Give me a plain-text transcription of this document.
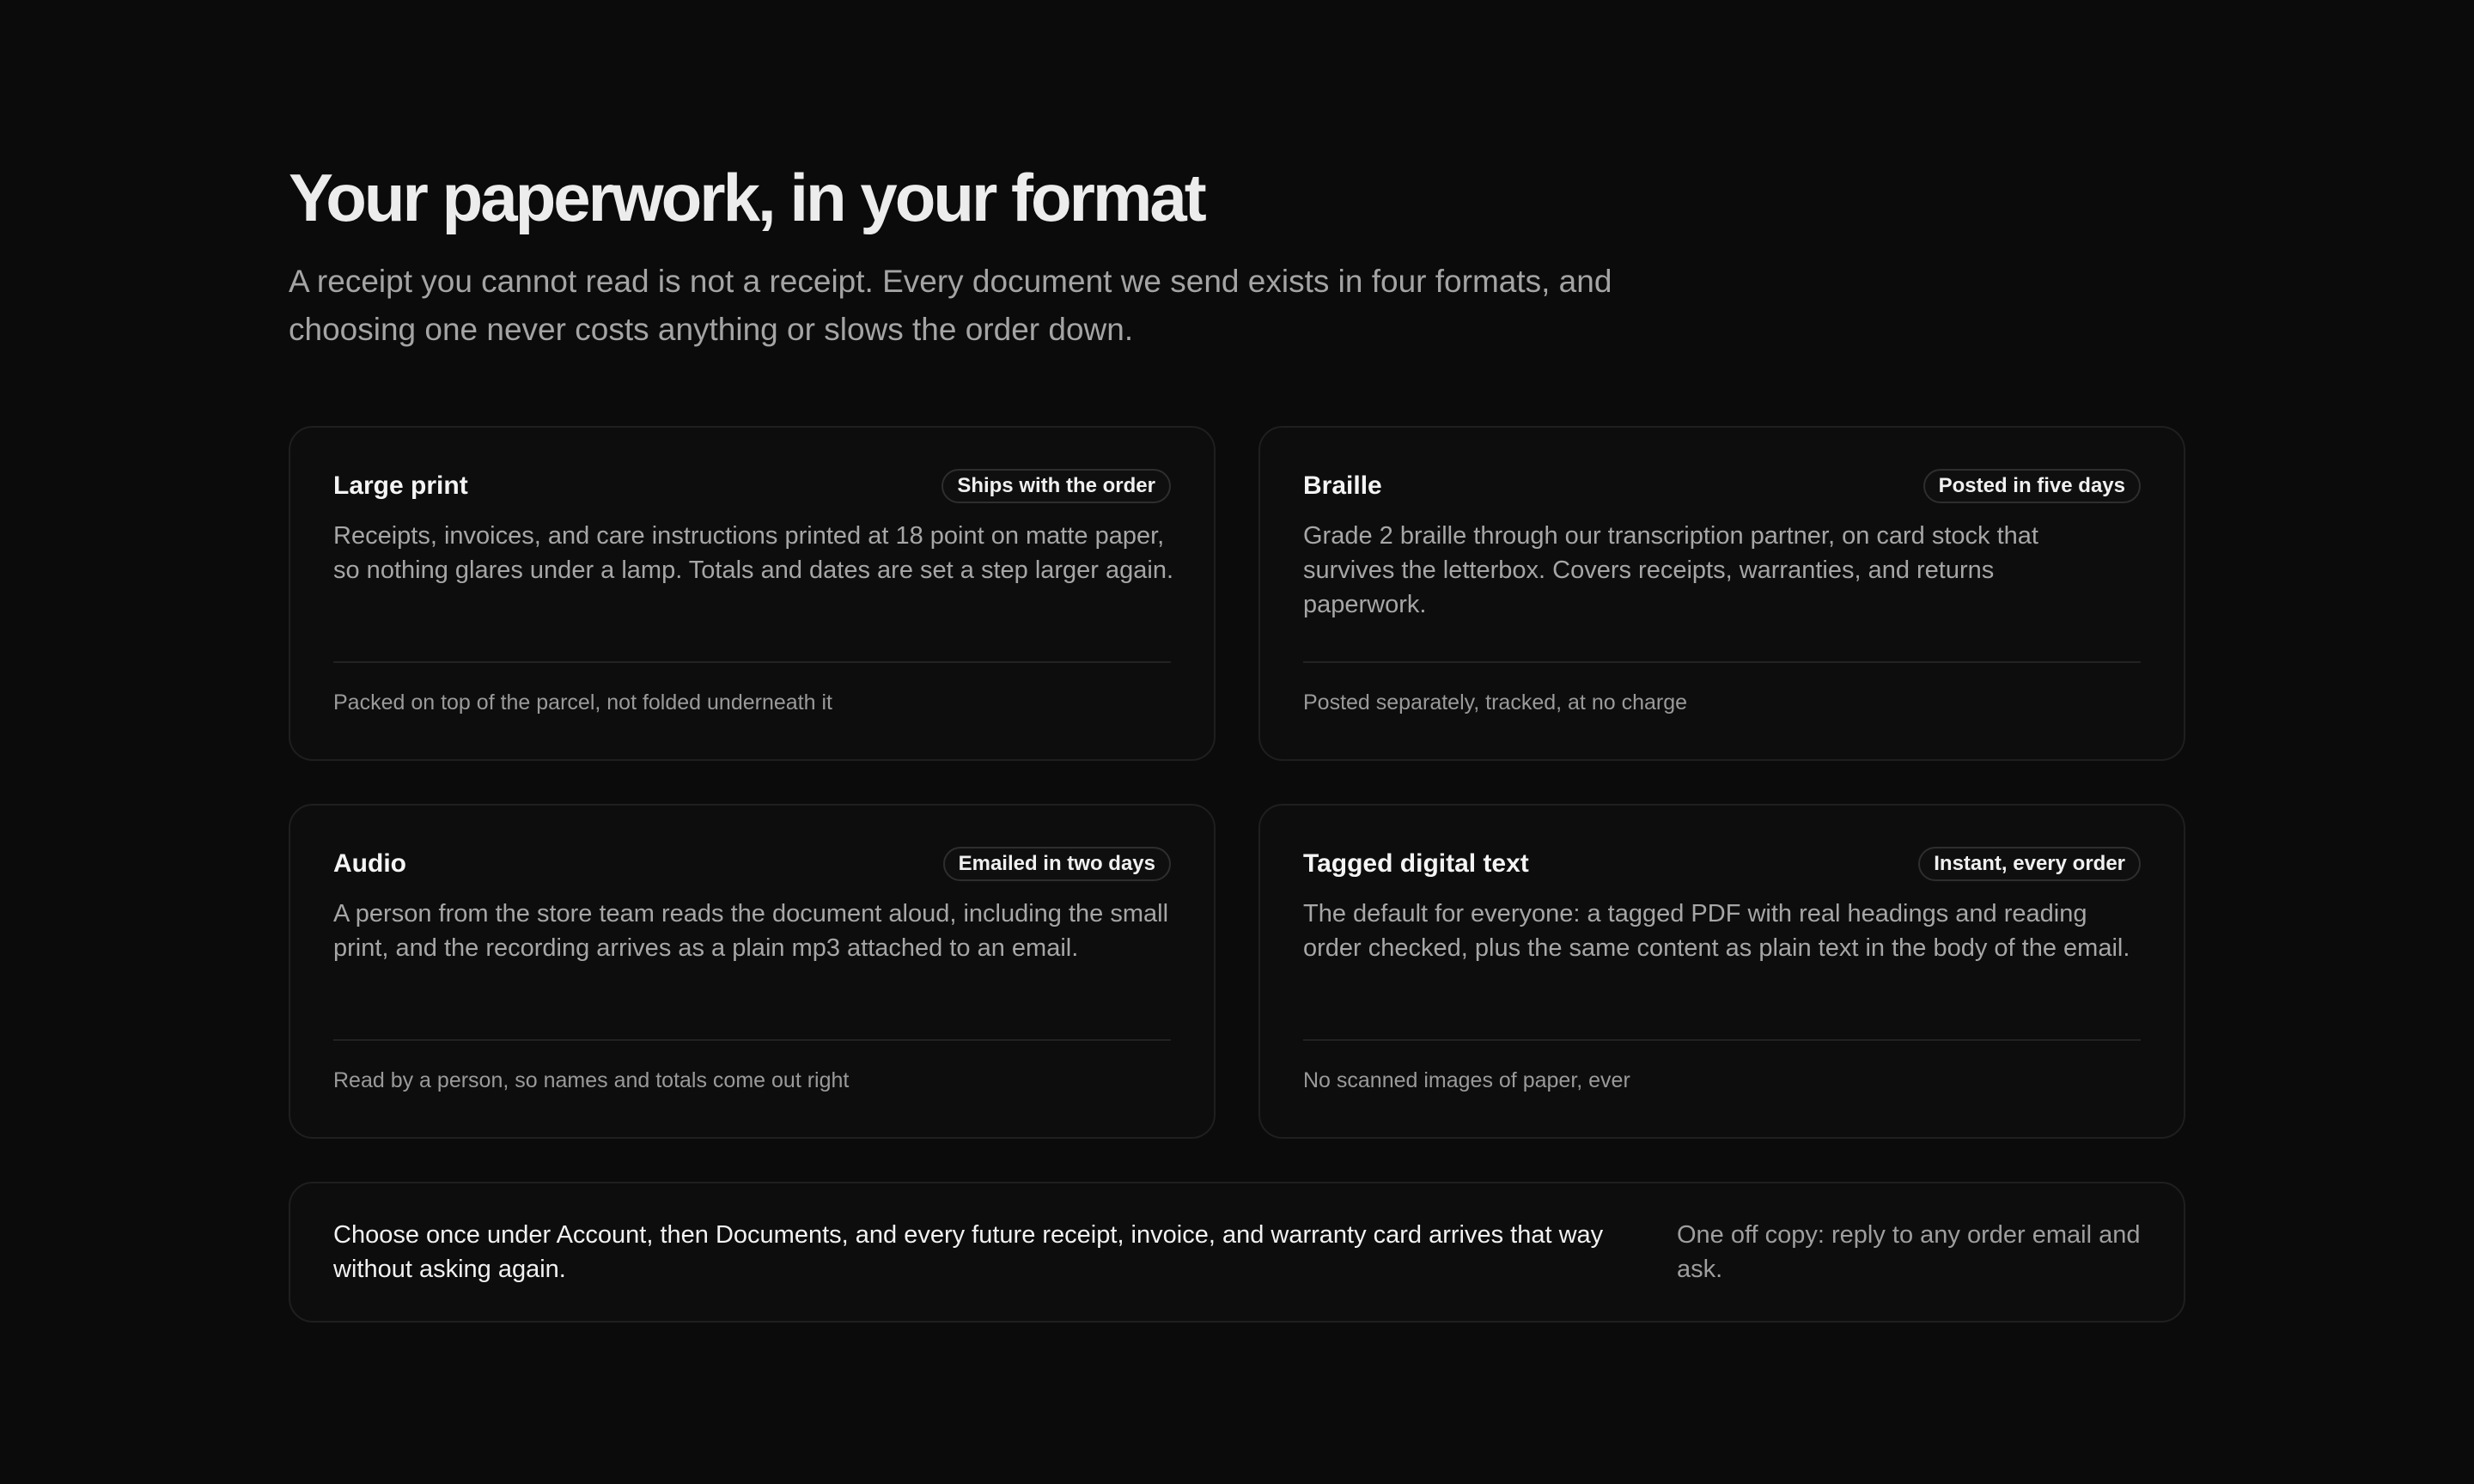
Your paperwork, in your format

A receipt you cannot read is not a receipt. Every document we send exists in four formats, and choosing one never costs anything or slows the order down.

Large print	Ships with the order
Receipts, invoices, and care instructions printed at 18 point on matte paper, so nothing glares under a lamp. Totals and dates are set a step larger again.
Packed on top of the parcel, not folded underneath it
Braille	Posted in five days
Grade 2 braille through our transcription partner, on card stock that survives the letterbox. Covers receipts, warranties, and returns paperwork.
Posted separately, tracked, at no charge
Audio	Emailed in two days
A person from the store team reads the document aloud, including the small print, and the recording arrives as a plain mp3 attached to an email.
Read by a person, so names and totals come out right
Tagged digital text	Instant, every order
The default for everyone: a tagged PDF with real headings and reading order checked, plus the same content as plain text in the body of the email.
No scanned images of paper, ever
Choose once under Account, then Documents, and every future receipt, invoice, and warranty card arrives that way without asking again.
One off copy: reply to any order email and ask.
